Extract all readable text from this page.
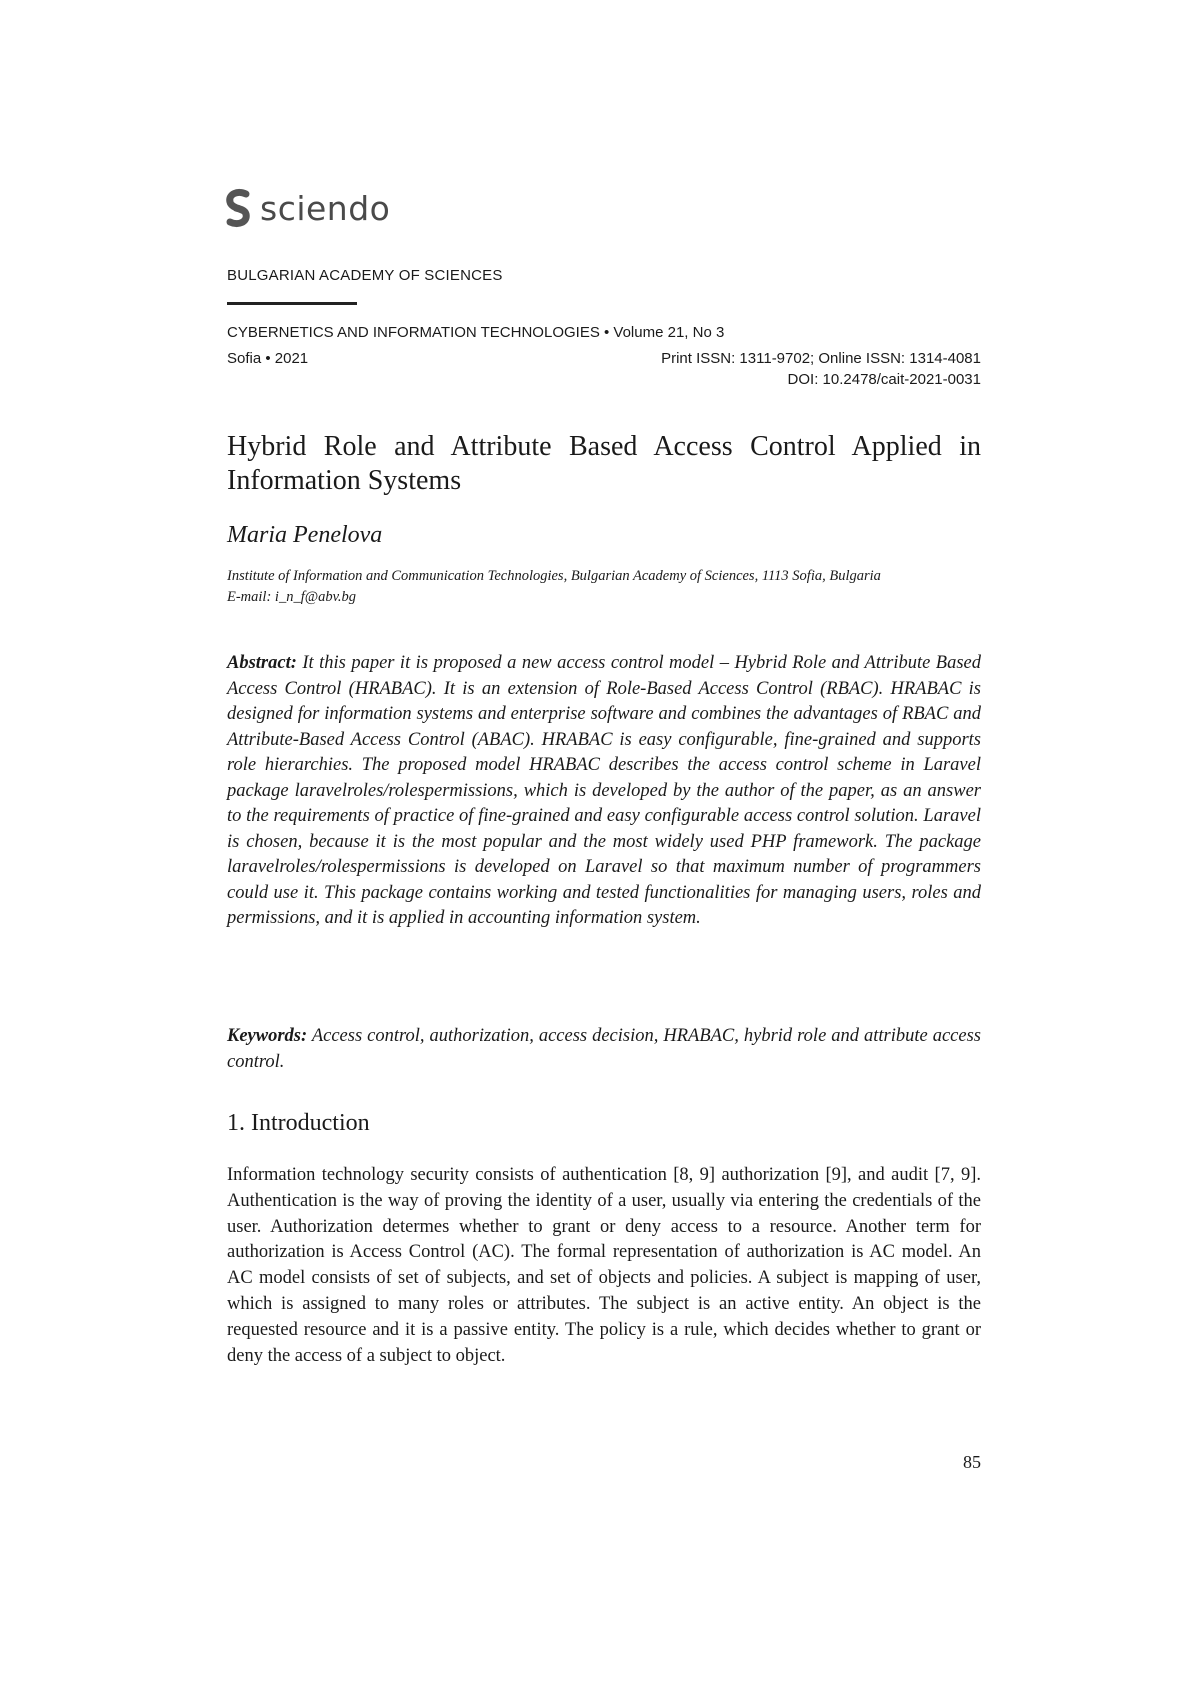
sciendo
BULGARIAN ACADEMY OF SCIENCES
CYBERNETICS AND INFORMATION TECHNOLOGIES • Volume 21, No 3
Sofia • 2021	Print ISSN: 1311-9702; Online ISSN: 1314-4081
DOI: 10.2478/cait-2021-0031
Hybrid Role and Attribute Based Access Control Applied in Information Systems
Maria Penelova
Institute of Information and Communication Technologies, Bulgarian Academy of Sciences, 1113 Sofia, Bulgaria
E-mail: i_n_f@abv.bg

Abstract: It this paper it is proposed a new access control model – Hybrid Role and Attribute Based Access Control (HRABAC). It is an extension of Role-Based Access Control (RBAC). HRABAC is designed for information systems and enterprise software and combines the advantages of RBAC and Attribute-Based Access Control (ABAC). HRABAC is easy configurable, fine-grained and supports role hierarchies. The proposed model HRABAC describes the access control scheme in Laravel package laravelroles/rolespermissions, which is developed by the author of the paper, as an answer to the requirements of practice of fine-grained and easy configurable access control solution. Laravel is chosen, because it is the most popular and the most widely used PHP framework. The package laravelroles/rolespermissions is developed on Laravel so that maximum number of programmers could use it. This package contains working and tested functionalities for managing users, roles and permissions, and it is applied in accounting information system.

Keywords: Access control, authorization, access decision, HRABAC, hybrid role and attribute access control.

1. Introduction

Information technology security consists of authentication [8, 9] authorization [9], and audit [7, 9]. Authentication is the way of proving the identity of a user, usually via entering the credentials of the user. Authorization determes whether to grant or deny access to a resource. Another term for authorization is Access Control (AC). The formal representation of authorization is AC model. An AC model consists of set of subjects, and set of objects and policies. A subject is mapping of user, which is assigned to many roles or attributes. The subject is an active entity. An object is the requested resource and it is a passive entity. The policy is a rule, which decides whether to grant or deny the access of a subject to object.

85
